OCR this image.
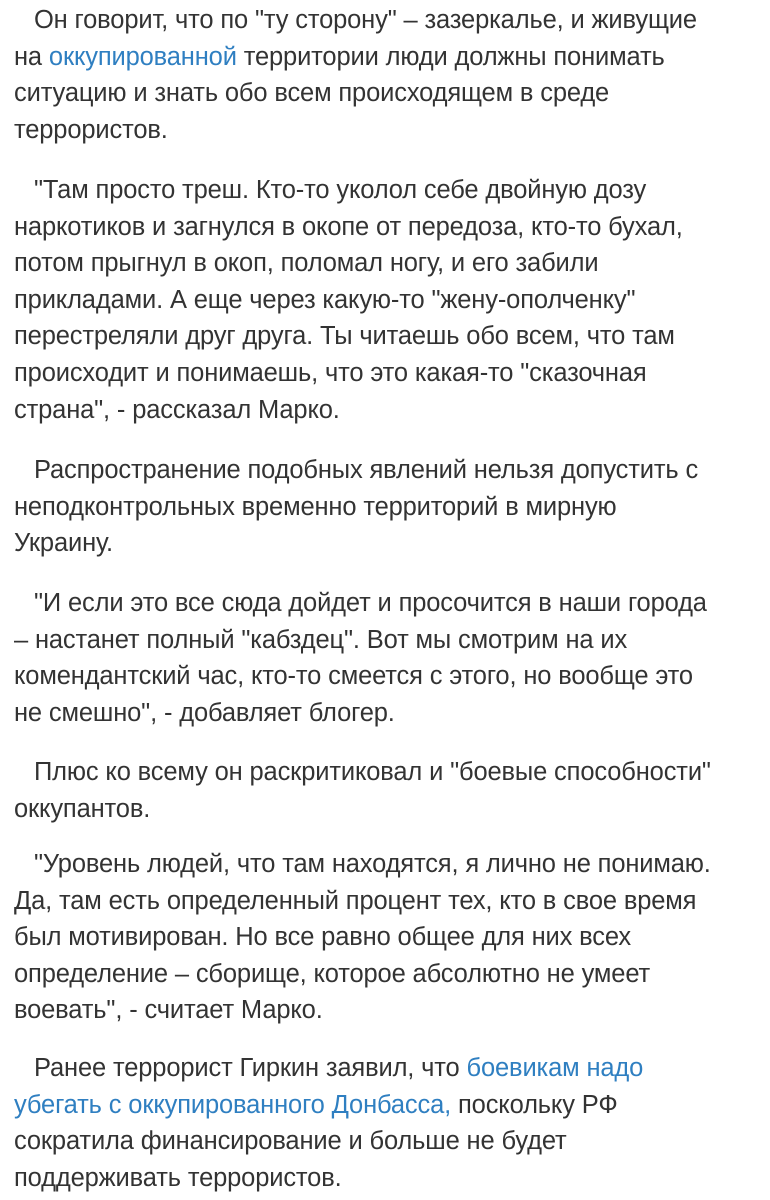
Он говорит, что по "ту сторону" – зазеркалье, и живущие
на оккупированной территории люди должны понимать
ситуацию и знать обо всем происходящем в среде
террористов.

"Там просто треш. Кто-то уколол себе двойную дозу
наркотиков и загнулся в окопе от передоза, кто-то бухал,
потом прыгнул в окоп, поломал ногу, и его забили
прикладами. А еще через какую-то "жену-ополченку"
перестреляли друг друга. Ты читаешь обо всем, что там
происходит и понимаешь, что это какая-то "сказочная
страна", - рассказал Марко.

Распространение подобных явлений нельзя допустить с
неподконтрольных временно территорий в мирную
Украину.

"И если это все сюда дойдет и просочится в наши города
– настанет полный "кабздец". Вот мы смотрим на их
комендантский час, кто-то смеется с этого, но вообще это
не смешно", - добавляет блогер.

Плюс ко всему он раскритиковал и "боевые способности"
оккупантов.

"Уровень людей, что там находятся, я лично не понимаю.
Да, там есть определенный процент тех, кто в свое время
был мотивирован. Но все равно общее для них всех
определение – сборище, которое абсолютно не умеет
воевать", - считает Марко.

Ранее террорист Гиркин заявил, что боевикам надо
убегать с оккупированного Донбасса, поскольку РФ
сократила финансирование и больше не будет
поддерживать террористов.
